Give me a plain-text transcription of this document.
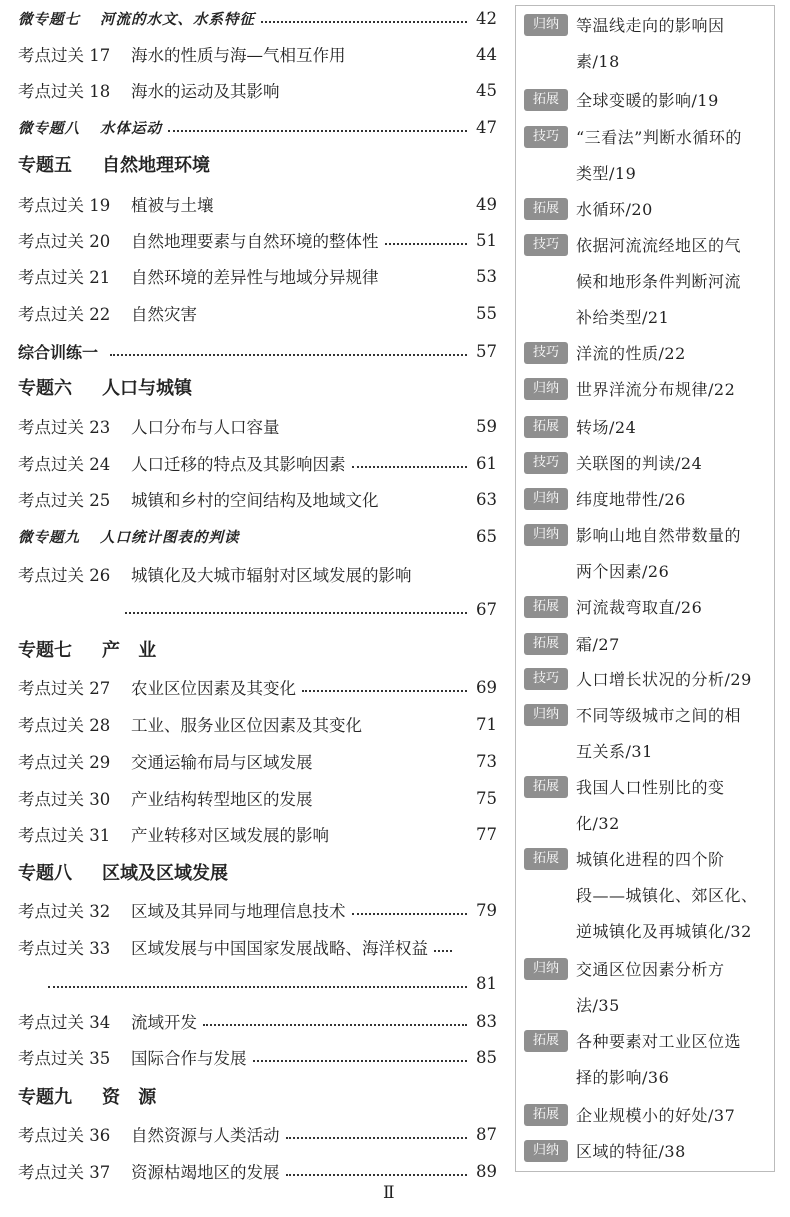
微专题七 河流的水文、水系特征	42
考点过关 17	海水的性质与海—气相互作用	44
考点过关 18	海水的运动及其影响	45
微专题八 水体运动	47
专题五 自然地理环境
考点过关 19	植被与土壤	49
考点过关 20	自然地理要素与自然环境的整体性	51
考点过关 21	自然环境的差异性与地域分异规律	53
考点过关 22	自然灾害	55
综合训练一	57
专题六 人口与城镇
考点过关 23	人口分布与人口容量	59
考点过关 24	人口迁移的特点及其影响因素	61
考点过关 25	城镇和乡村的空间结构及地域文化	63
微专题九 人口统计图表的判读	65
考点过关 26	城镇化及大城市辐射对区域发展的影响
67
专题七 产 业
考点过关 27	农业区位因素及其变化	69
考点过关 28	工业、服务业区位因素及其变化	71
考点过关 29	交通运输布局与区域发展	73
考点过关 30	产业结构转型地区的发展	75
考点过关 31	产业转移对区域发展的影响	77
专题八 区域及区域发展
考点过关 32	区域及其异同与地理信息技术	79
考点过关 33	区域发展与中国国家发展战略、海洋权益
81
考点过关 34	流域开发	83
考点过关 35	国际合作与发展	85
专题九 资 源
考点过关 36	自然资源与人类活动	87
考点过关 37	资源枯竭地区的发展	89
归纳 等温线走向的影响因
素/18
拓展 全球变暖的影响/19
技巧 “三看法”判断水循环的
类型/19
拓展 水循环/20
技巧 依据河流流经地区的气
候和地形条件判断河流
补给类型/21
技巧 洋流的性质/22
归纳 世界洋流分布规律/22
拓展 转场/24
技巧 关联图的判读/24
归纳 纬度地带性/26
归纳 影响山地自然带数量的
两个因素/26
拓展 河流裁弯取直/26
拓展 霜/27
技巧 人口增长状况的分析/29
归纳 不同等级城市之间的相
互关系/31
拓展 我国人口性别比的变
化/32
拓展 城镇化进程的四个阶
段——城镇化、郊区化、
逆城镇化及再城镇化/32
归纳 交通区位因素分析方
法/35
拓展 各种要素对工业区位选
择的影响/36
拓展 企业规模小的好处/37
归纳 区域的特征/38
Ⅱ
